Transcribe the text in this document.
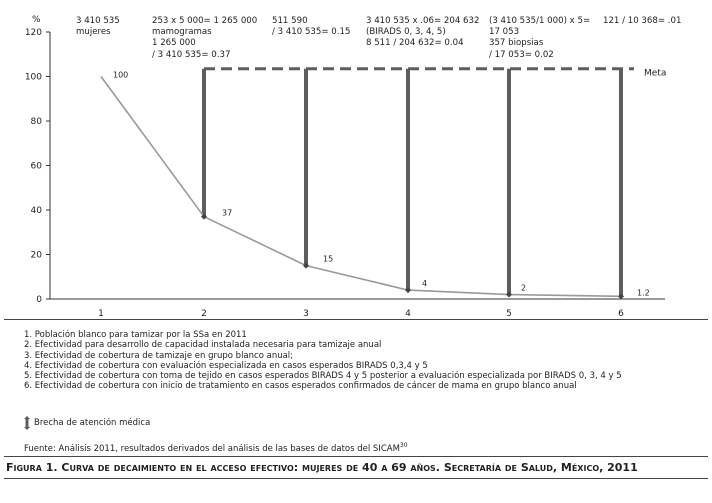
%
0
20
40
60
80
100
120
1	2	3	4	5	6
Meta
100
37
15
4	2
1.2
3 410 535
mujeres
253 x 5 000= 1 265 000
mamogramas
1 265 000
/ 3 410 535= 0.37
511 590
/ 3 410 535= 0.15
3 410 535 x .06= 204 632
(BIRADS 0, 3, 4, 5)
8 511 / 204 632= 0.04
(3 410 535/1 000) x 5=
17 053
357 biopsias
/ 17 053= 0.02
121 / 10 368= .01
1. Población blanco para tamizar por la SSa en 2011
2. Efectividad para desarrollo de capacidad instalada necesaria para tamizaje anual
3. Efectividad de cobertura de tamizaje en grupo blanco anual;
4. Efectividad de cobertura con evaluación especializada en casos esperados BIRADS 0,3,4 y 5
5. Efectividad de cobertura con toma de tejido en casos esperados BIRADS 4 y 5 posterior a evaluación especializada por BIRADS 0, 3, 4 y 5
6. Efectividad de cobertura con inicio de tratamiento en casos esperados confirmados de cáncer de mama en grupo blanco anual
Brecha de atención médica
Fuente: Análisis 2011, resultados derivados del análisis de las bases de datos del SICAM$^{30}$
Figura 1. Curva de decaimiento en el acceso efectivo: mujeres de 40 a 69 años. Secretaría de Salud, México, 2011
